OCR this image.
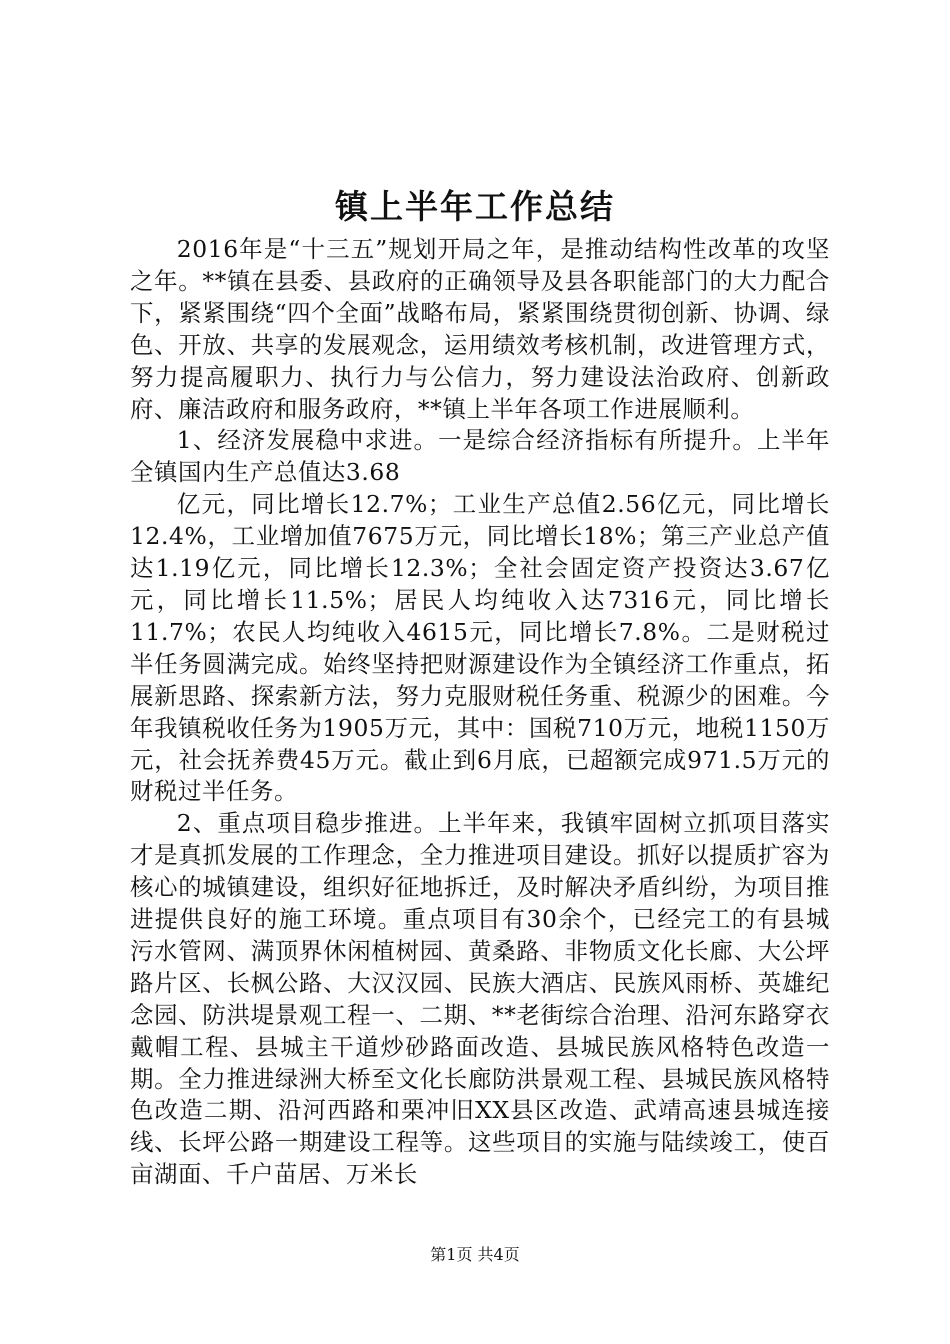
镇上半年工作总结

2016年是“十三五”规划开局之年，是推动结构性改革的攻坚之年。**镇在县委、县政府的正确领导及县各职能部门的大力配合下，紧紧围绕“四个全面”战略布局，紧紧围绕贯彻创新、协调、绿色、开放、共享的发展观念，运用绩效考核机制，改进管理方式，努力提高履职力、执行力与公信力，努力建设法治政府、创新政府、廉洁政府和服务政府，**镇上半年各项工作进展顺利。

1、经济发展稳中求进。一是综合经济指标有所提升。上半年全镇国内生产总值达3.68

亿元，同比增长12.7%；工业生产总值2.56亿元，同比增长12.4%，工业增加值7675万元，同比增长18%；第三产业总产值达1.19亿元，同比增长12.3%；全社会固定资产投资达3.67亿元，同比增长11.5%；居民人均纯收入达7316元，同比增长11.7%；农民人均纯收入4615元，同比增长7.8%。二是财税过半任务圆满完成。始终坚持把财源建设作为全镇经济工作重点，拓展新思路、探索新方法，努力克服财税任务重、税源少的困难。今年我镇税收任务为1905万元，其中：国税710万元，地税1150万元，社会抚养费45万元。截止到6月底，已超额完成971.5万元的财税过半任务。

2、重点项目稳步推进。上半年来，我镇牢固树立抓项目落实才是真抓发展的工作理念，全力推进项目建设。抓好以提质扩容为核心的城镇建设，组织好征地拆迁，及时解决矛盾纠纷，为项目推进提供良好的施工环境。重点项目有30余个，已经完工的有县城污水管网、满顶界休闲植树园、黄桑路、非物质文化长廊、大公坪路片区、长枫公路、大汉汉园、民族大酒店、民族风雨桥、英雄纪念园、防洪堤景观工程一、二期、**老街综合治理、沿河东路穿衣戴帽工程、县城主干道炒砂路面改造、县城民族风格特色改造一期。全力推进绿洲大桥至文化长廊防洪景观工程、县城民族风格特色改造二期、沿河西路和栗冲旧XX县区改造、武靖高速县城连接线、长坪公路一期建设工程等。这些项目的实施与陆续竣工，使百亩湖面、千户苗居、万米长

第1页 共4页
